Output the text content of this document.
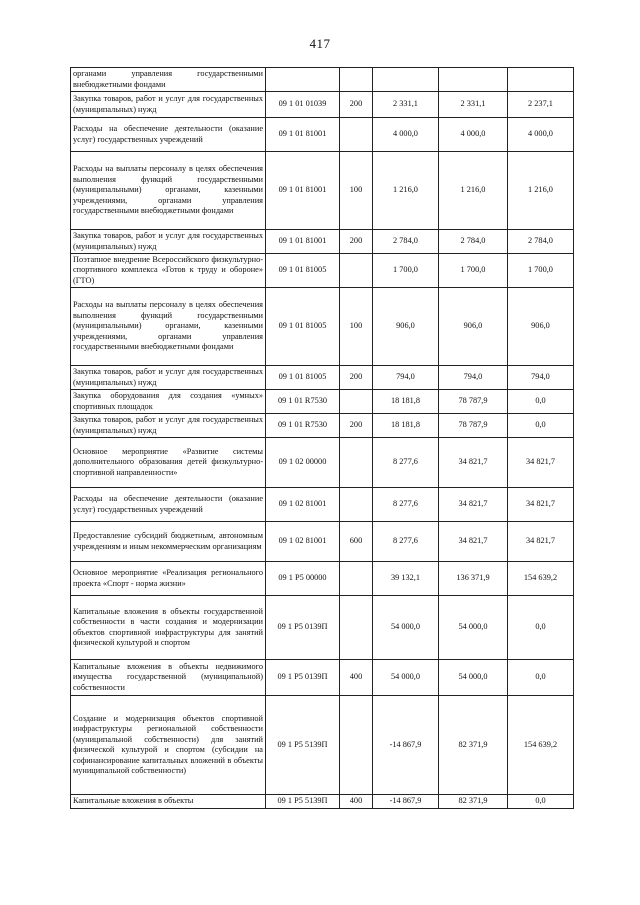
417
органами управления государственными внебюджетными фондами					
Закупка товаров, работ и услуг для государственных (муниципальных) нужд	09 1 01 01039	200	2 331,1	2 331,1	2 237,1
Расходы на обеспечение деятельности (оказание услуг) государственных учреждений	09 1 01 81001		4 000,0	4 000,0	4 000,0
Расходы на выплаты персоналу в целях обеспечения выполнения функций государственными (муниципальными) органами, казенными учреждениями, органами управления государственными внебюджетными фондами	09 1 01 81001	100	1 216,0	1 216,0	1 216,0
Закупка товаров, работ и услуг для государственных (муниципальных) нужд	09 1 01 81001	200	2 784,0	2 784,0	2 784,0
Поэтапное внедрение Всероссийского физкультурно-спортивного комплекса «Готов к труду и обороне» (ГТО)	09 1 01 81005		1 700,0	1 700,0	1 700,0
Расходы на выплаты персоналу в целях обеспечения выполнения функций государственными (муниципальными) органами, казенными учреждениями, органами управления государственными внебюджетными фондами	09 1 01 81005	100	906,0	906,0	906,0
Закупка товаров, работ и услуг для государственных (муниципальных) нужд	09 1 01 81005	200	794,0	794,0	794,0
Закупка оборудования для создания «умных» спортивных площадок	09 1 01 R7530		18 181,8	78 787,9	0,0
Закупка товаров, работ и услуг для государственных (муниципальных) нужд	09 1 01 R7530	200	18 181,8	78 787,9	0,0
Основное мероприятие «Развитие системы дополнительного образования детей физкультурно-спортивной направленности»	09 1 02 00000		8 277,6	34 821,7	34 821,7
Расходы на обеспечение деятельности (оказание услуг) государственных учреждений	09 1 02 81001		8 277,6	34 821,7	34 821,7
Предоставление субсидий бюджетным, автономным учреждениям и иным некоммерческим организациям	09 1 02 81001	600	8 277,6	34 821,7	34 821,7
Основное мероприятие «Реализация регионального проекта «Спорт - норма жизни»	09 1 P5 00000		39 132,1	136 371,9	154 639,2
Капитальные вложения в объекты государственной собственности в части создания и модернизации объектов спортивной инфраструктуры для занятий физической культурой и спортом	09 1 P5 0139П		54 000,0	54 000,0	0,0
Капитальные вложения в объекты недвижимого имущества государственной (муниципальной) собственности	09 1 P5 0139П	400	54 000,0	54 000,0	0,0
Создание и модернизация объектов спортивной инфраструктуры региональной собственности (муниципальной собственности) для занятий физической культурой и спортом (субсидии на софинансирование капитальных вложений в объекты муниципальной собственности)	09 1 P5 5139П		-14 867,9	82 371,9	154 639,2
Капитальные вложения в объекты	09 1 P5 5139П	400	-14 867,9	82 371,9	0,0
